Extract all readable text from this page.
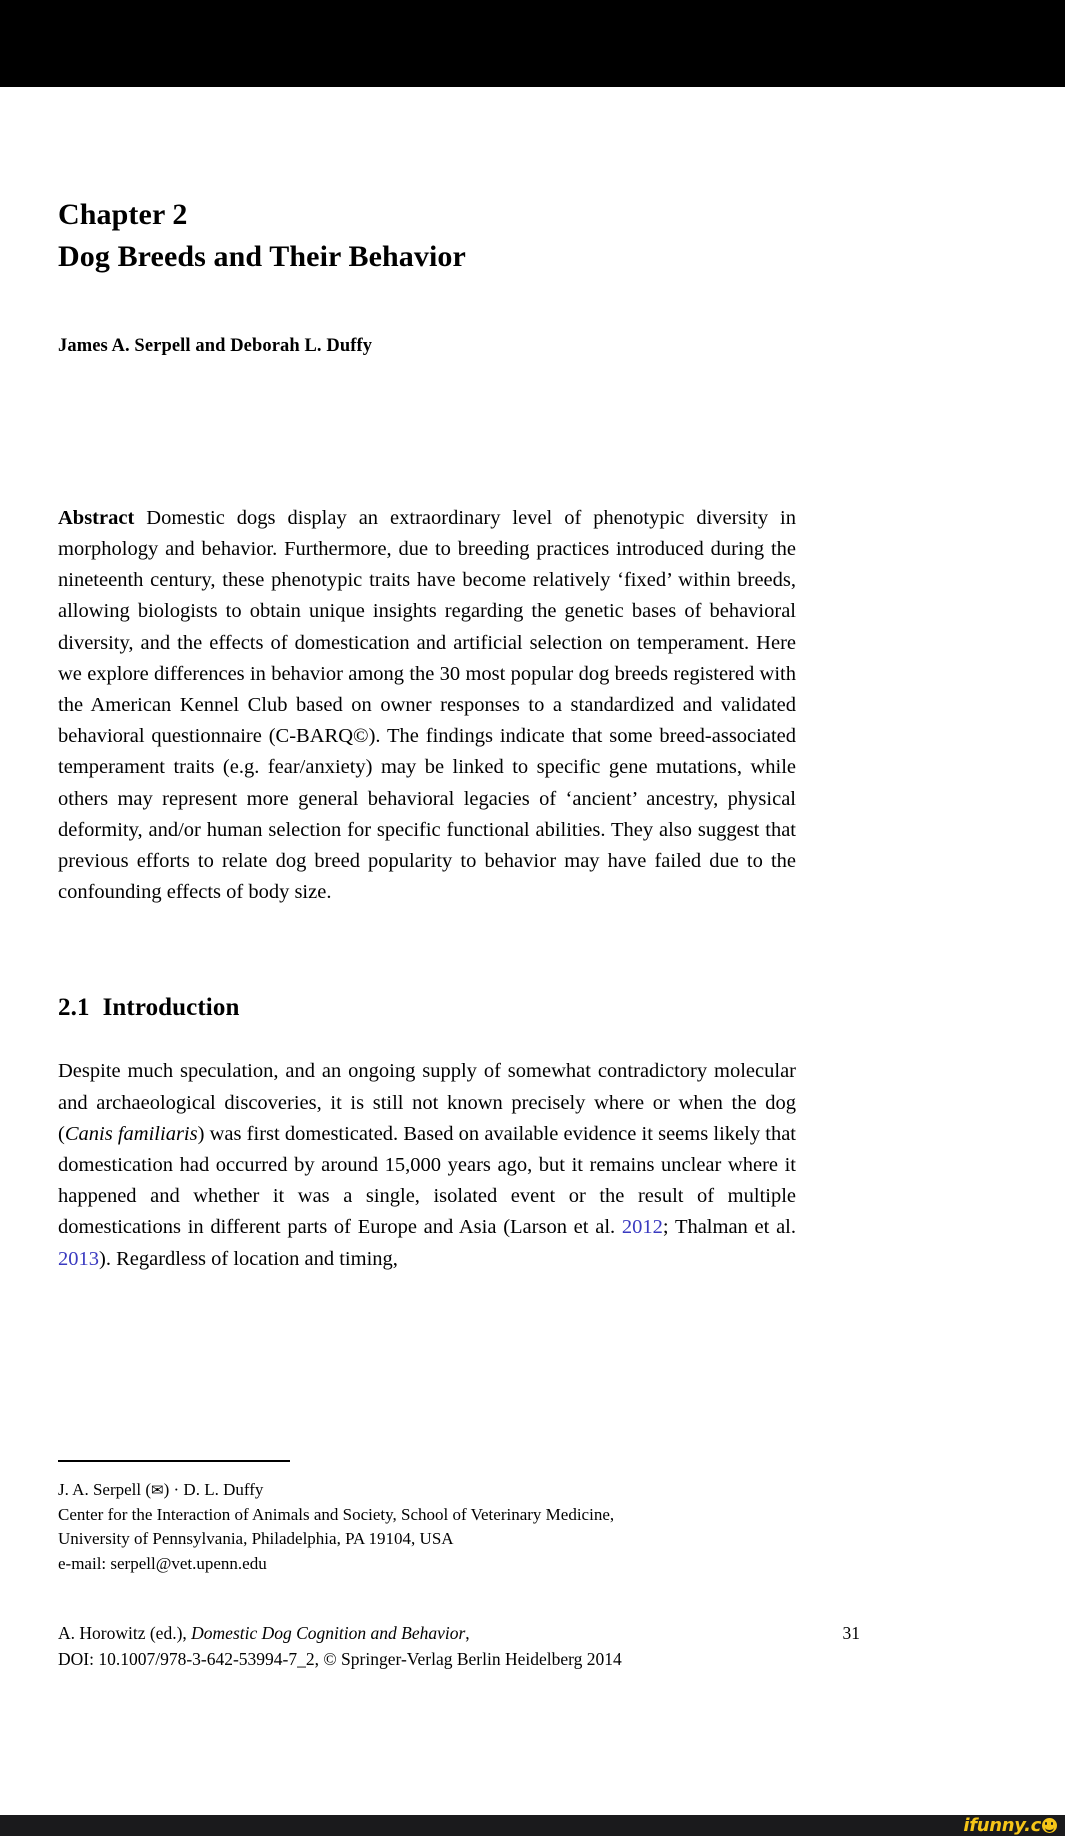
Chapter 2
Dog Breeds and Their Behavior

James A. Serpell and Deborah L. Duffy

Abstract Domestic dogs display an extraordinary level of phenotypic diversity in morphology and behavior. Furthermore, due to breeding practices introduced during the nineteenth century, these phenotypic traits have become relatively ‘fixed’ within breeds, allowing biologists to obtain unique insights regarding the genetic bases of behavioral diversity, and the effects of domestication and artificial selection on temperament. Here we explore differences in behavior among the 30 most popular dog breeds registered with the American Kennel Club based on owner responses to a standardized and validated behavioral questionnaire (C-BARQ©). The findings indicate that some breed-associated temperament traits (e.g. fear/anxiety) may be linked to specific gene mutations, while others may represent more general behavioral legacies of ‘ancient’ ancestry, physical deformity, and/or human selection for specific functional abilities. They also suggest that previous efforts to relate dog breed popularity to behavior may have failed due to the confounding effects of body size.

2.1 Introduction

Despite much speculation, and an ongoing supply of somewhat contradictory molecular and archaeological discoveries, it is still not known precisely where or when the dog (Canis familiaris) was first domesticated. Based on available evidence it seems likely that domestication had occurred by around 15,000 years ago, but it remains unclear where it happened and whether it was a single, isolated event or the result of multiple domestications in different parts of Europe and Asia (Larson et al. 2012; Thalman et al. 2013). Regardless of location and timing,

J. A. Serpell (✉) · D. L. Duffy

Center for the Interaction of Animals and Society, School of Veterinary Medicine,

University of Pennsylvania, Philadelphia, PA 19104, USA

e-mail: serpell@vet.upenn.edu

A. Horowitz (ed.), Domestic Dog Cognition and Behavior,	31
DOI: 10.1007/978-3-642-53994-7_2, © Springer-Verlag Berlin Heidelberg 2014
ifunny.c
